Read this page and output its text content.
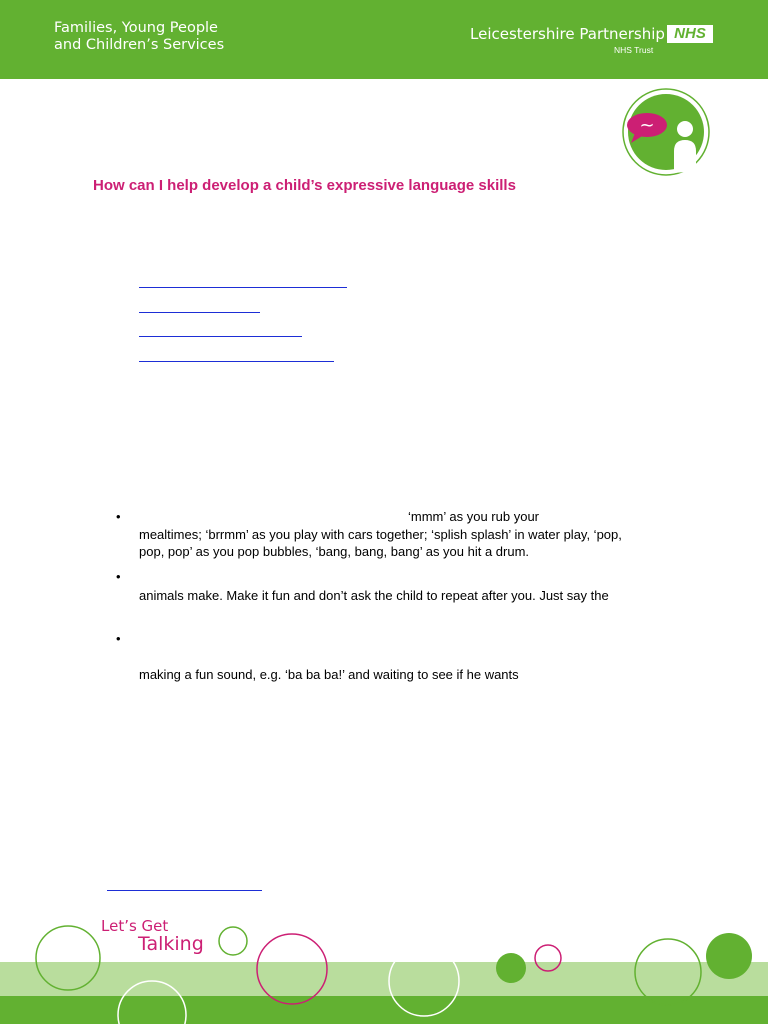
Families, Young People
and Children’s Services
Leicestershire Partnership NHS
NHS Trust
~
How can I help develop a child’s expressive language skills
•	‘mmm’ as you rub your

mealtimes; ‘brrmm’ as you play with cars together; ‘splish splash’ in water play, ‘pop,

pop, pop’ as you pop bubbles, ‘bang, bang, bang’ as you hit a drum.

•

animals make. Make it fun and don’t ask the child to repeat after you. Just say the

•

making a fun sound, e.g. ‘ba ba ba!’ and waiting to see if he wants

Let’s Get

Talking
